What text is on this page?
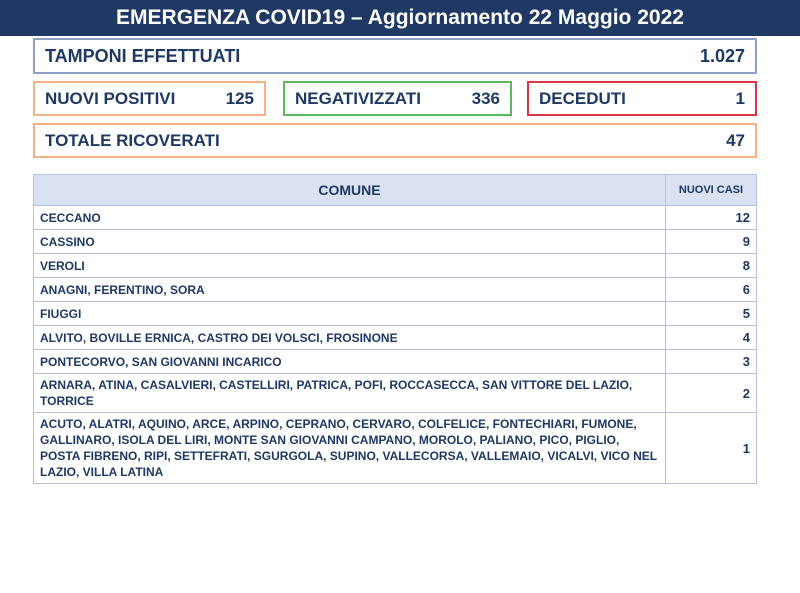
EMERGENZA COVID19 – Aggiornamento 22 Maggio 2022
TAMPONI EFFETTUATI	1.027
NUOVI POSITIVI	125 NEGATIVIZZATI	336 DECEDUTI	1
TOTALE RICOVERATI	47
COMUNE	NUOVI CASI
CECCANO	12
CASSINO	9
VEROLI	8
ANAGNI, FERENTINO, SORA	6
FIUGGI	5
ALVITO, BOVILLE ERNICA, CASTRO DEI VOLSCI, FROSINONE	4
PONTECORVO, SAN GIOVANNI INCARICO	3
ARNARA, ATINA, CASALVIERI, CASTELLIRI, PATRICA, POFI, ROCCASECCA, SAN VITTORE DEL LAZIO, TORRICE	2
ACUTO, ALATRI, AQUINO, ARCE, ARPINO, CEPRANO, CERVARO, COLFELICE, FONTECHIARI, FUMONE, GALLINARO, ISOLA DEL LIRI, MONTE SAN GIOVANNI CAMPANO, MOROLO, PALIANO, PICO, PIGLIO, POSTA FIBRENO, RIPI, SETTEFRATI, SGURGOLA, SUPINO, VALLECORSA, VALLEMAIO, VICALVI, VICO NEL LAZIO, VILLA LATINA	1
